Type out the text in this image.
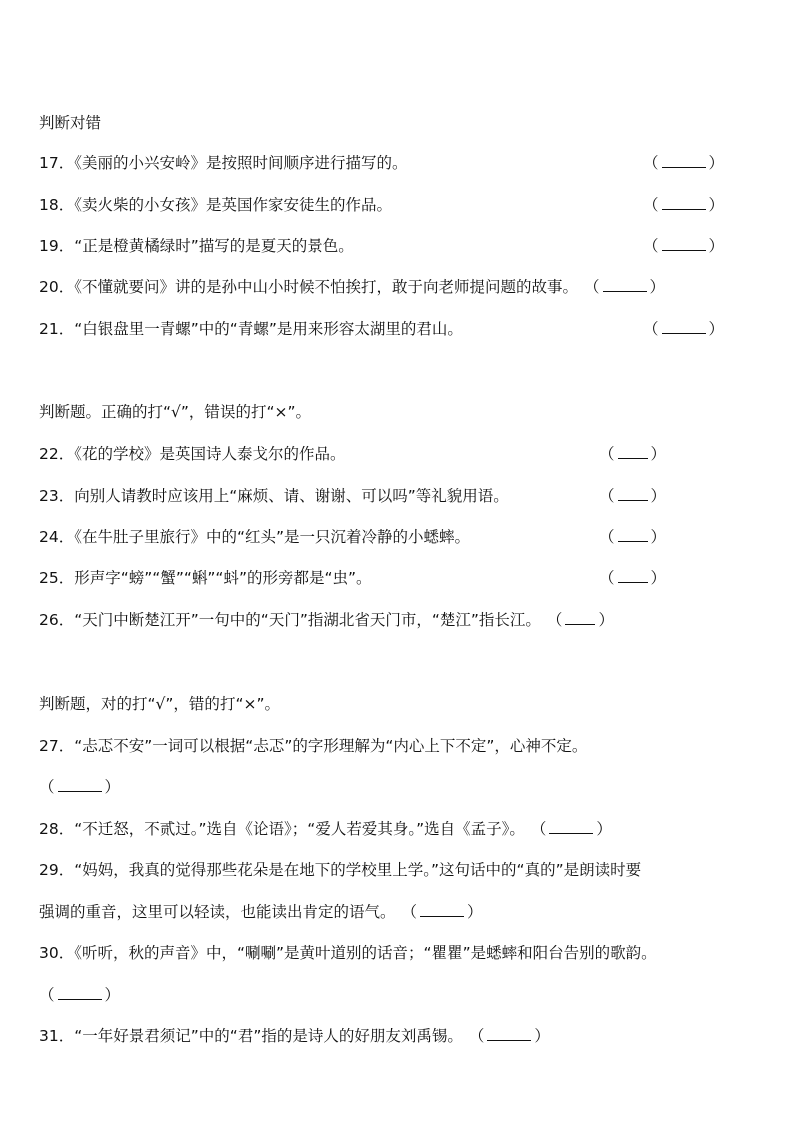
判断对错
17．《美丽的小兴安岭》是按照时间顺序进行描写的。	（	）
18．《卖火柴的小女孩》是英国作家安徒生的作品。	（	）
19．“正是橙黄橘绿时”描写的是夏天的景色。	（	）
20．《不懂就要问》讲的是孙中山小时候不怕挨打，敢于向老师提问题的故事。 （	）
21．“白银盘里一青螺”中的“青螺”是用来形容太湖里的君山。	（	）
判断题。正确的打“√”，错误的打“×”。
22．《花的学校》是英国诗人泰戈尔的作品。	（ ）
23．向别人请教时应该用上“麻烦、请、谢谢、可以吗”等礼貌用语。	（ ）
24．《在牛肚子里旅行》中的“红头”是一只沉着冷静的小蟋蟀。	（ ）
25．形声字“螃”“蟹”“蝌”“蚪”的形旁都是“虫”。	（ ）
26．“天门中断楚江开”一句中的“天门”指湖北省天门市，“楚江”指长江。 （ ）
判断题，对的打“√”，错的打“×”。
27．“忐忑不安”一词可以根据“忐忑”的字形理解为“内心上下不定”，心神不定。
（	）
28．“不迁怒，不贰过。”选自《论语》；“爱人若爱其身。”选自《孟子》。 （	）
29．“妈妈，我真的觉得那些花朵是在地下的学校里上学。”这句话中的“真的”是朗读时要
强调的重音，这里可以轻读，也能读出肯定的语气。 （	）
30．《听听，秋的声音》中，“唰唰”是黄叶道别的话音；“瞿瞿”是蟋蟀和阳台告别的歌韵。
（	）
31．“一年好景君须记”中的“君”指的是诗人的好朋友刘禹锡。 （	）
